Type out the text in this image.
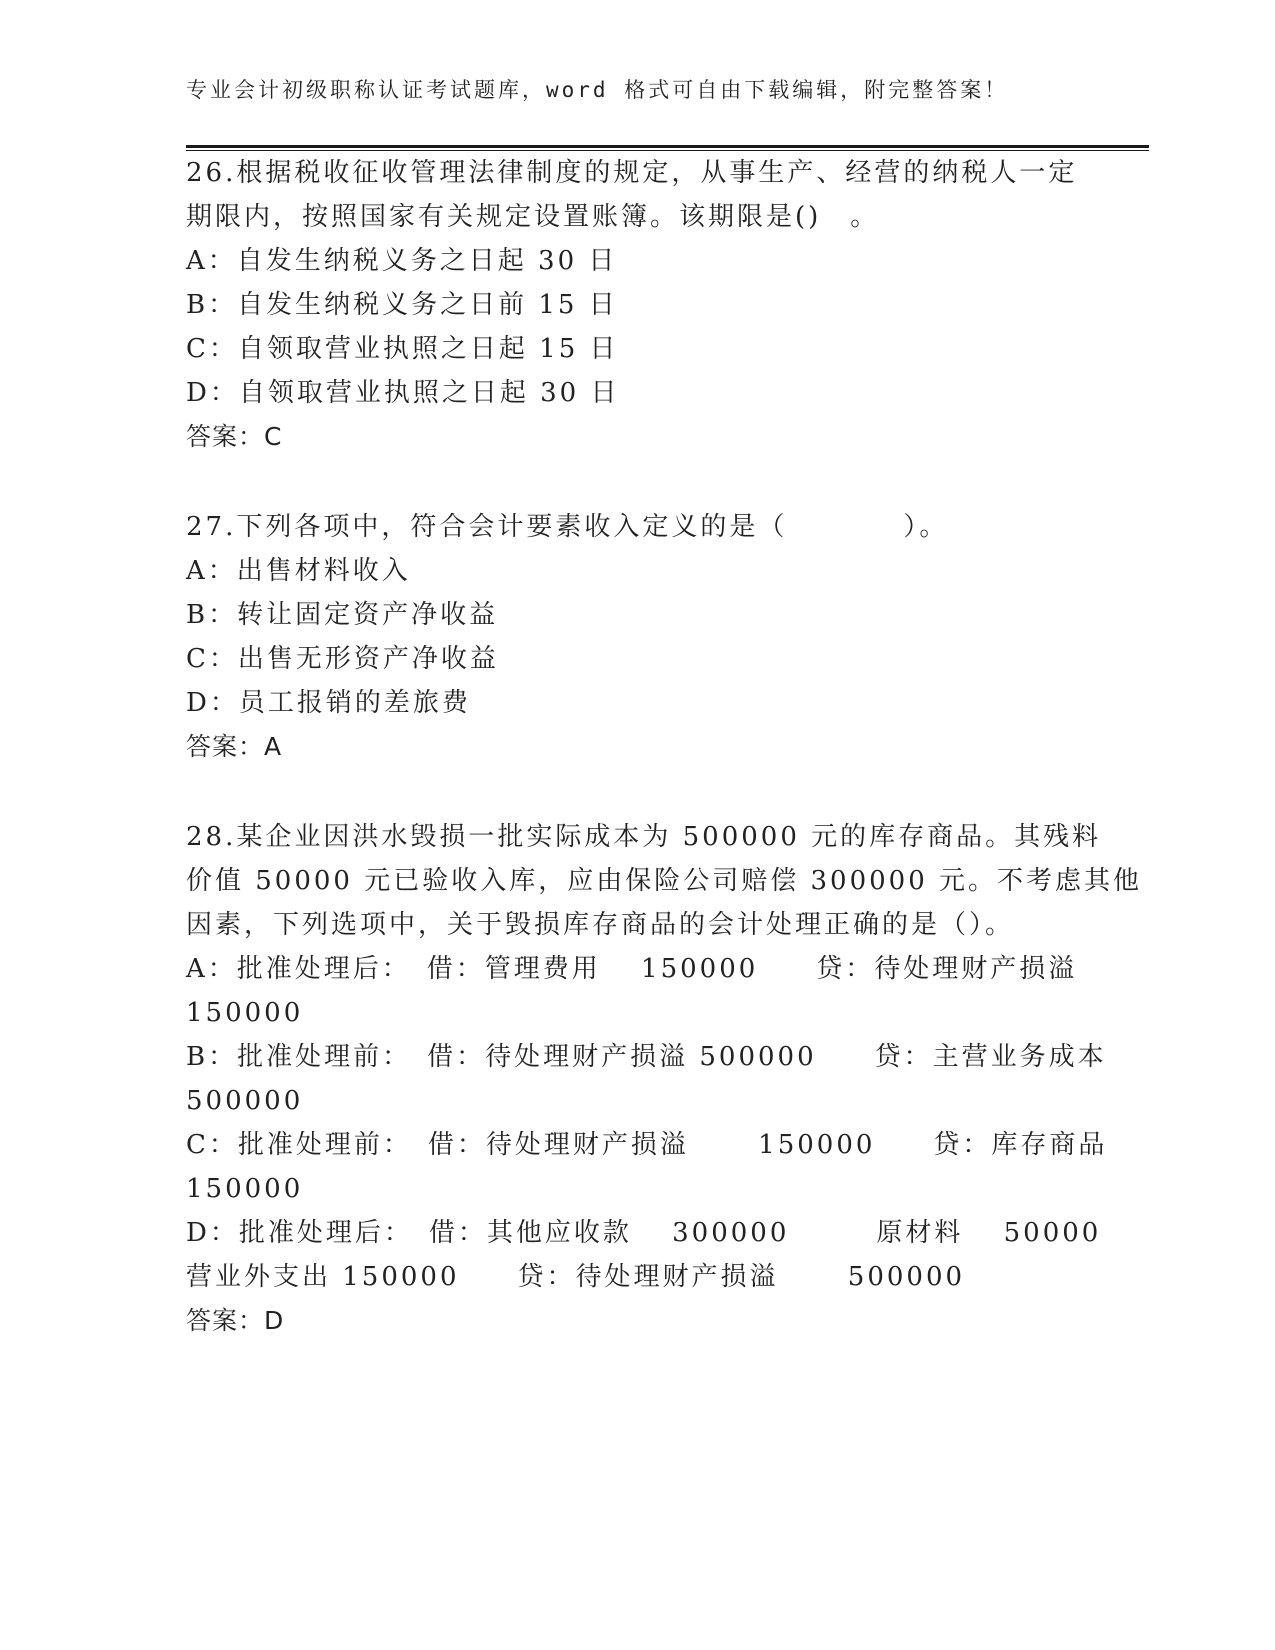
专业会计初级职称认证考试题库，word 格式可自由下载编辑，附完整答案！
26.根据税收征收管理法律制度的规定，从事生产、经营的纳税人一定
期限内，按照国家有关规定设置账簿。该期限是()　。
A：自发生纳税义务之日起 30 日
B：自发生纳税义务之日前 15 日
C：自领取营业执照之日起 15 日
D：自领取营业执照之日起 30 日
答案：C
27.下列各项中，符合会计要素收入定义的是（　　　　）。
A：出售材料收入
B：转让固定资产净收益
C：出售无形资产净收益
D：员工报销的差旅费
答案：A
28.某企业因洪水毁损一批实际成本为 500000 元的库存商品。其残料
价值 50000 元已验收入库，应由保险公司赔偿 300000 元。不考虑其他
因素，下列选项中，关于毁损库存商品的会计处理正确的是（）。
A：批准处理后：　借：管理费用　 150000　　贷：待处理财产损溢
150000
B：批准处理前：　借：待处理财产损溢 500000　　贷：主营业务成本
500000
C：批准处理前：　借：待处理财产损溢　　 150000　　贷：库存商品
150000
D：批准处理后：　借：其他应收款　 300000　　　原材料　 50000
营业外支出 150000　　贷：待处理财产损溢　　 500000
答案：D
